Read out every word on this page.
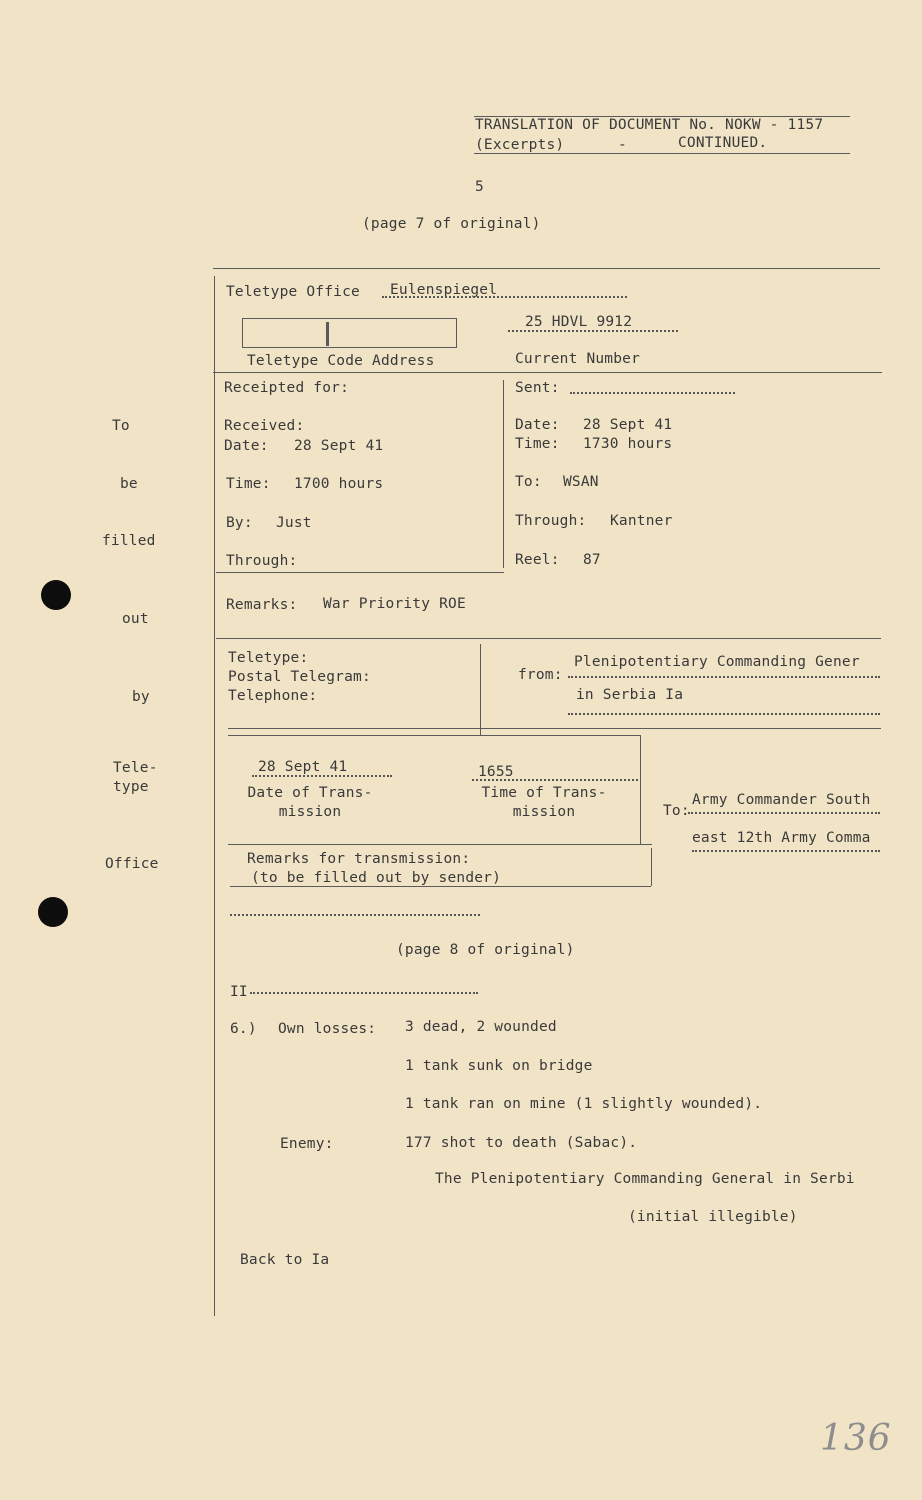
TRANSLATION OF DOCUMENT No. NOKW - 1157
(Excerpts)	-	CONTINUED.
5
(page 7 of original)
To
be
filled
out
by
Tele-
type
Office
Teletype Office Eulenspiegel
25 HDVL 9912
Teletype Code Address	Current Number
Receipted for:
Received:
Date: 28 Sept 41
Time: 1700 hours
By: Just
Through:
Sent:
Date: 28 Sept 41
Time: 1730 hours
To: WSAN
Through: Kantner
Reel: 87
Remarks: War Priority ROE
Teletype:
Postal Telegram:
Telephone:
from:
Plenipotentiary Commanding Gener
in Serbia Ia
28 Sept 41
Date of Trans-
mission
1655
Time of Trans-
mission	To:
Army Commander South
east 12th Army Comma
Remarks for transmission:
(to be filled out by sender)
(page 8 of original)
II
6.) Own losses: 3 dead, 2 wounded
1 tank sunk on bridge
1 tank ran on mine (1 slightly wounded).
Enemy:	177 shot to death (Sabac).
The Plenipotentiary Commanding General in Serbi
(initial illegible)
Back to Ia
136
